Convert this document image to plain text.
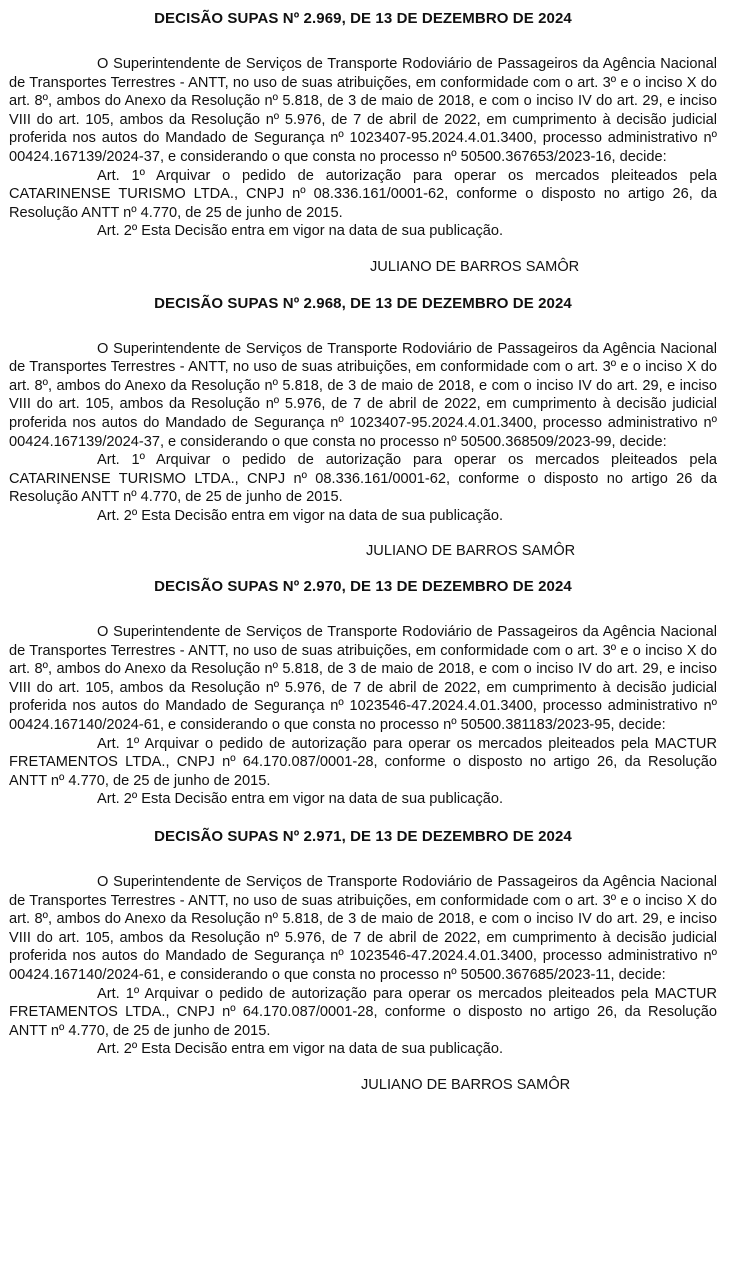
DECISÃO SUPAS Nº 2.969, DE 13 DE DEZEMBRO DE 2024

O Superintendente de Serviços de Transporte Rodoviário de Passageiros da Agência Nacional de Transportes Terrestres - ANTT, no uso de suas atribuições, em conformidade com o art. 3º e o inciso X do art. 8º, ambos do Anexo da Resolução nº 5.818, de 3 de maio de 2018, e com o inciso IV do art. 29, e inciso VIII do art. 105, ambos da Resolução nº 5.976, de 7 de abril de 2022, em cumprimento à decisão judicial proferida nos autos do Mandado de Segurança nº 1023407-95.2024.4.01.3400, processo administrativo nº 00424.167139/2024-37, e considerando o que consta no processo nº 50500.367653/2023-16, decide:

Art. 1º Arquivar o pedido de autorização para operar os mercados pleiteados pela CATARINENSE TURISMO LTDA., CNPJ nº 08.336.161/0001-62, conforme o disposto no artigo 26, da Resolução ANTT nº 4.770, de 25 de junho de 2015.

Art. 2º Esta Decisão entra em vigor na data de sua publicação.

JULIANO DE BARROS SAMÔR

DECISÃO SUPAS Nº 2.968, DE 13 DE DEZEMBRO DE 2024

O Superintendente de Serviços de Transporte Rodoviário de Passageiros da Agência Nacional de Transportes Terrestres - ANTT, no uso de suas atribuições, em conformidade com o art. 3º e o inciso X do art. 8º, ambos do Anexo da Resolução nº 5.818, de 3 de maio de 2018, e com o inciso IV do art. 29, e inciso VIII do art. 105, ambos da Resolução nº 5.976, de 7 de abril de 2022, em cumprimento à decisão judicial proferida nos autos do Mandado de Segurança nº 1023407-95.2024.4.01.3400, processo administrativo nº 00424.167139/2024-37, e considerando o que consta no processo nº 50500.368509/2023-99, decide:

Art. 1º Arquivar o pedido de autorização para operar os mercados pleiteados pela CATARINENSE TURISMO LTDA., CNPJ nº 08.336.161/0001-62, conforme o disposto no artigo 26 da Resolução ANTT nº 4.770, de 25 de junho de 2015.

Art. 2º Esta Decisão entra em vigor na data de sua publicação.

JULIANO DE BARROS SAMÔR

DECISÃO SUPAS Nº 2.970, DE 13 DE DEZEMBRO DE 2024

O Superintendente de Serviços de Transporte Rodoviário de Passageiros da Agência Nacional de Transportes Terrestres - ANTT, no uso de suas atribuições, em conformidade com o art. 3º e o inciso X do art. 8º, ambos do Anexo da Resolução nº 5.818, de 3 de maio de 2018, e com o inciso IV do art. 29, e inciso VIII do art. 105, ambos da Resolução nº 5.976, de 7 de abril de 2022, em cumprimento à decisão judicial proferida nos autos do Mandado de Segurança nº 1023546-47.2024.4.01.3400, processo administrativo nº 00424.167140/2024-61, e considerando o que consta no processo nº 50500.381183/2023-95, decide:

Art. 1º Arquivar o pedido de autorização para operar os mercados pleiteados pela MACTUR FRETAMENTOS LTDA., CNPJ nº 64.170.087/0001-28, conforme o disposto no artigo 26, da Resolução ANTT nº 4.770, de 25 de junho de 2015.

Art. 2º Esta Decisão entra em vigor na data de sua publicação.

DECISÃO SUPAS Nº 2.971, DE 13 DE DEZEMBRO DE 2024

O Superintendente de Serviços de Transporte Rodoviário de Passageiros da Agência Nacional de Transportes Terrestres - ANTT, no uso de suas atribuições, em conformidade com o art. 3º e o inciso X do art. 8º, ambos do Anexo da Resolução nº 5.818, de 3 de maio de 2018, e com o inciso IV do art. 29, e inciso VIII do art. 105, ambos da Resolução nº 5.976, de 7 de abril de 2022, em cumprimento à decisão judicial proferida nos autos do Mandado de Segurança nº 1023546-47.2024.4.01.3400, processo administrativo nº 00424.167140/2024-61, e considerando o que consta no processo nº 50500.367685/2023-11, decide:

Art. 1º Arquivar o pedido de autorização para operar os mercados pleiteados pela MACTUR FRETAMENTOS LTDA., CNPJ nº 64.170.087/0001-28, conforme o disposto no artigo 26, da Resolução ANTT nº 4.770, de 25 de junho de 2015.

Art. 2º Esta Decisão entra em vigor na data de sua publicação.

JULIANO DE BARROS SAMÔR
